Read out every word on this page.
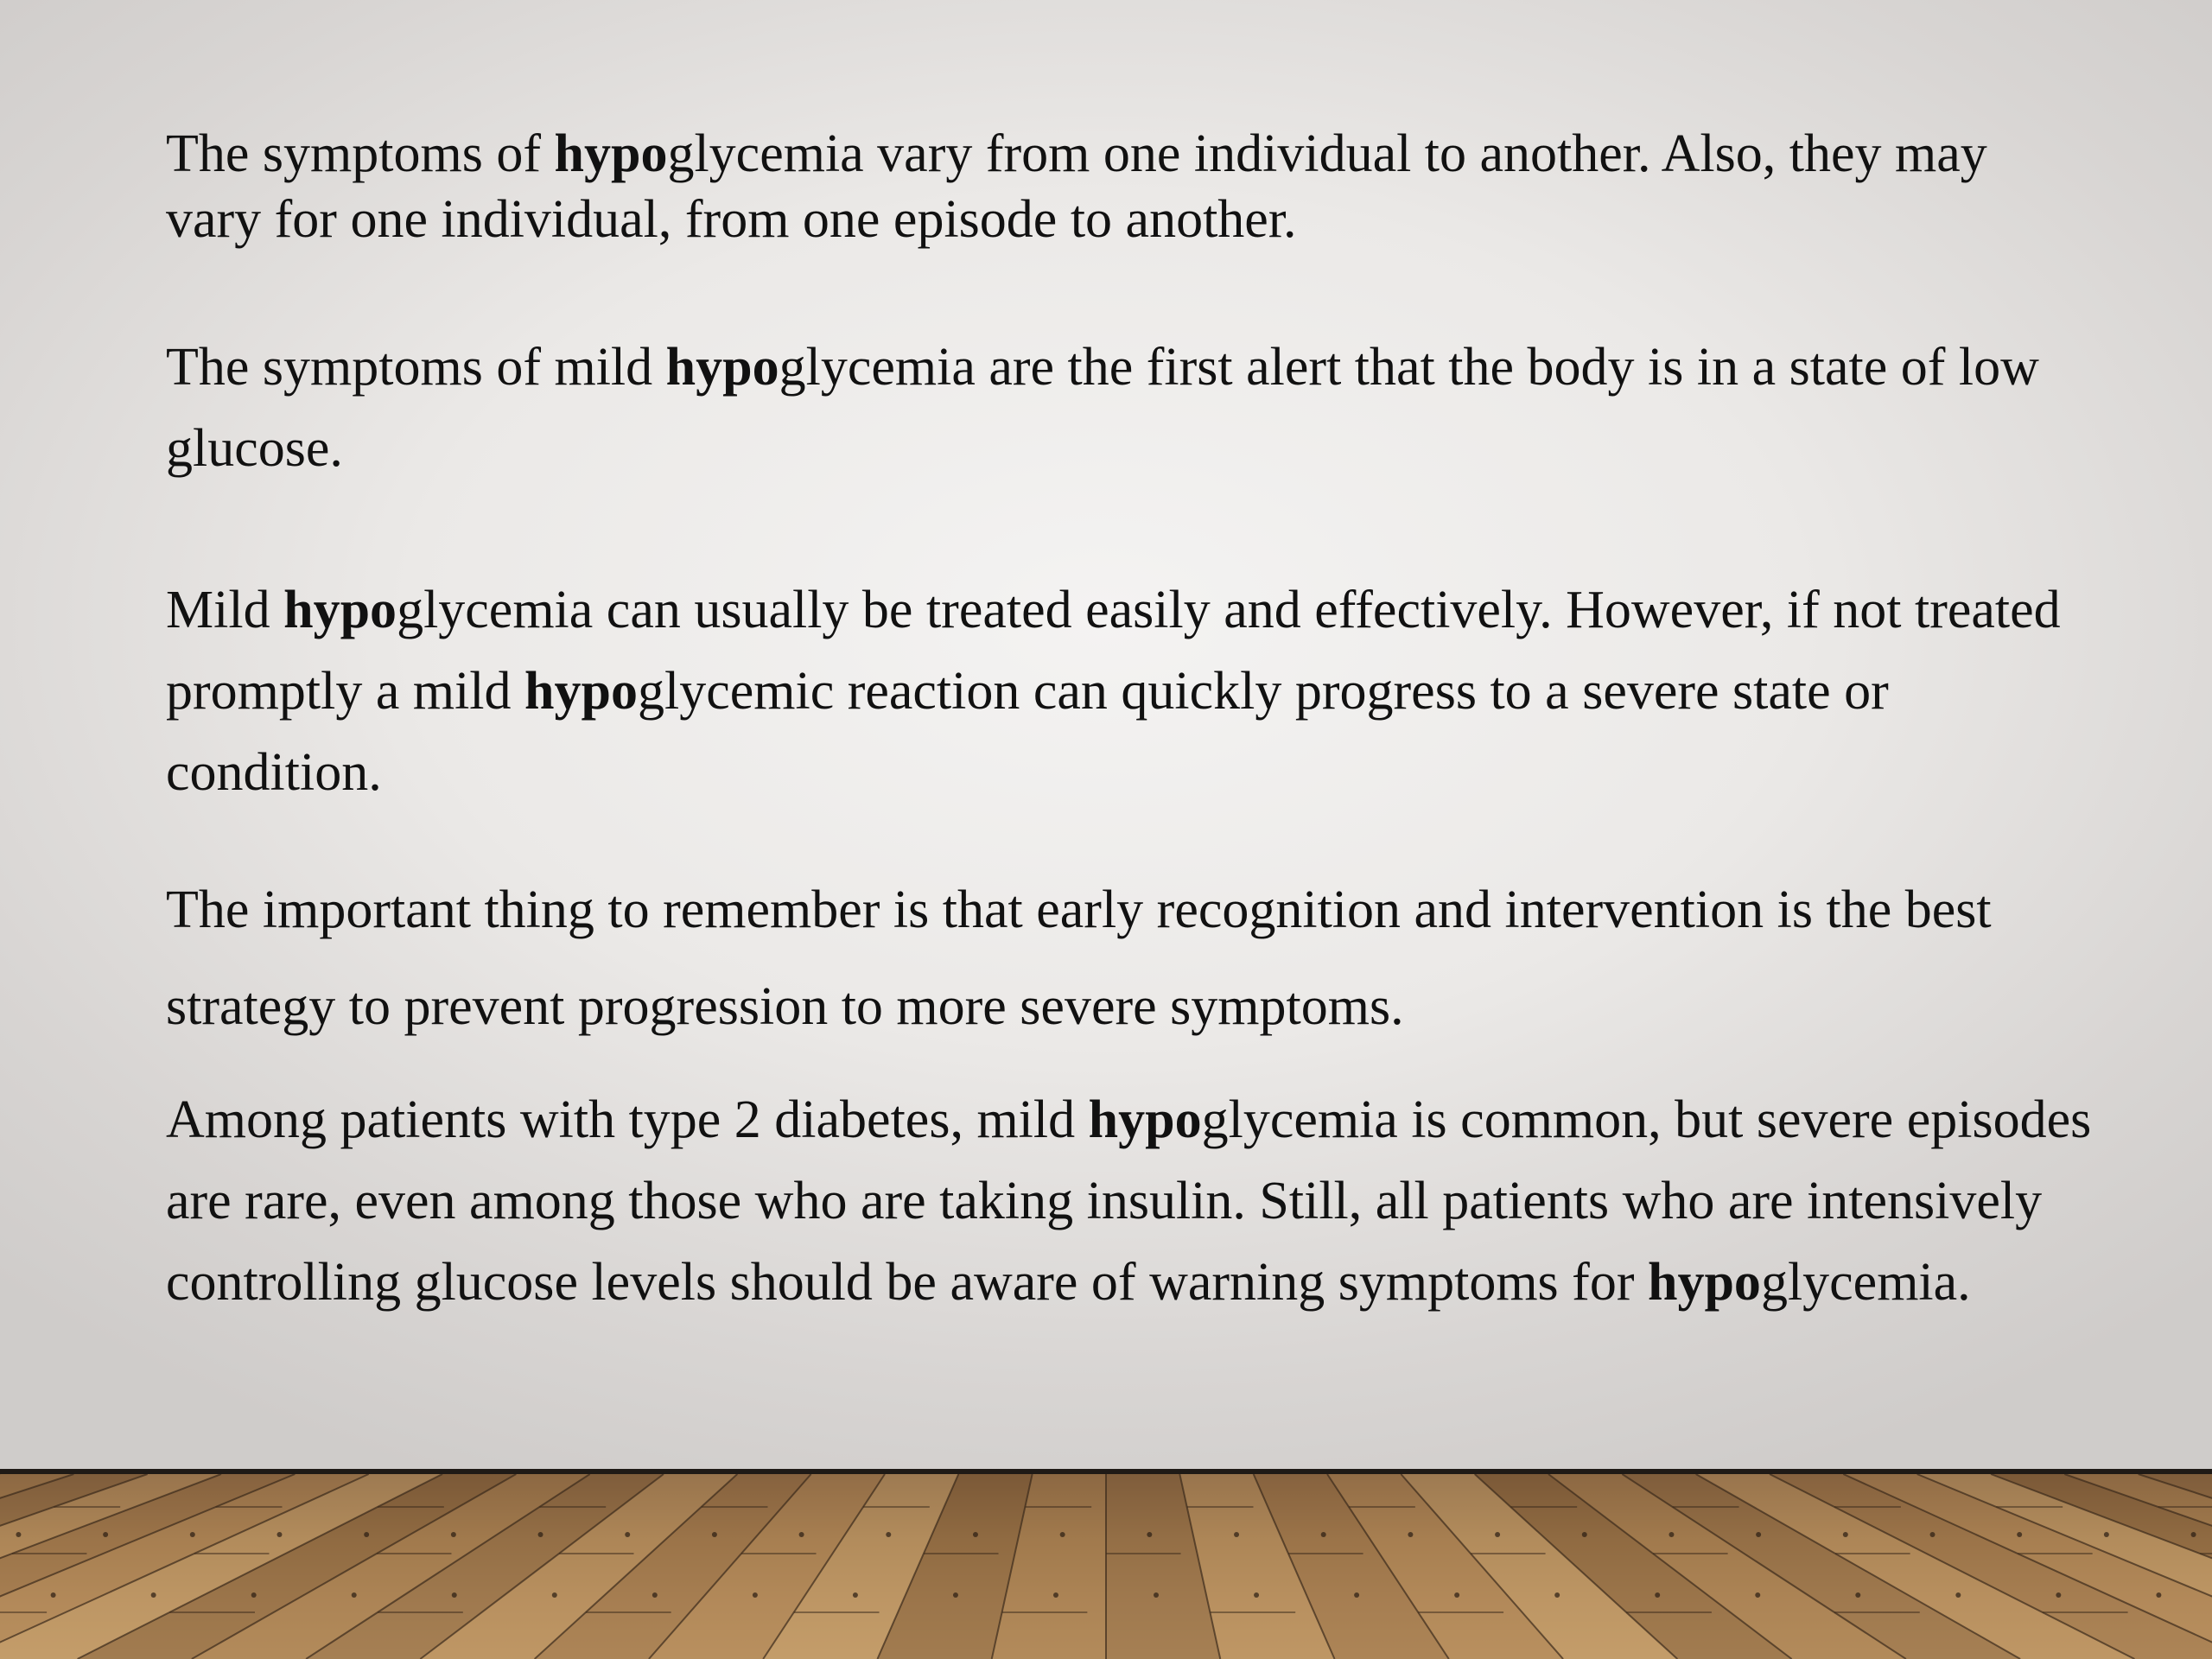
The symptoms of hypoglycemia vary from one individual to another. Also, they may vary for one individual, from one episode to another.

The symptoms of mild hypoglycemia are the first alert that the body is in a state of low glucose.

Mild hypoglycemia can usually be treated easily and effectively. However, if not treated promptly a mild hypoglycemic reaction can quickly progress to a severe state or condition.

The important thing to remember is that early recognition and intervention is the best strategy to prevent progression to more severe symptoms.

Among patients with type 2 diabetes, mild hypoglycemia is common, but severe episodes are rare, even among those who are taking insulin. Still, all patients who are intensively controlling glucose levels should be aware of warning symptoms for hypoglycemia.
